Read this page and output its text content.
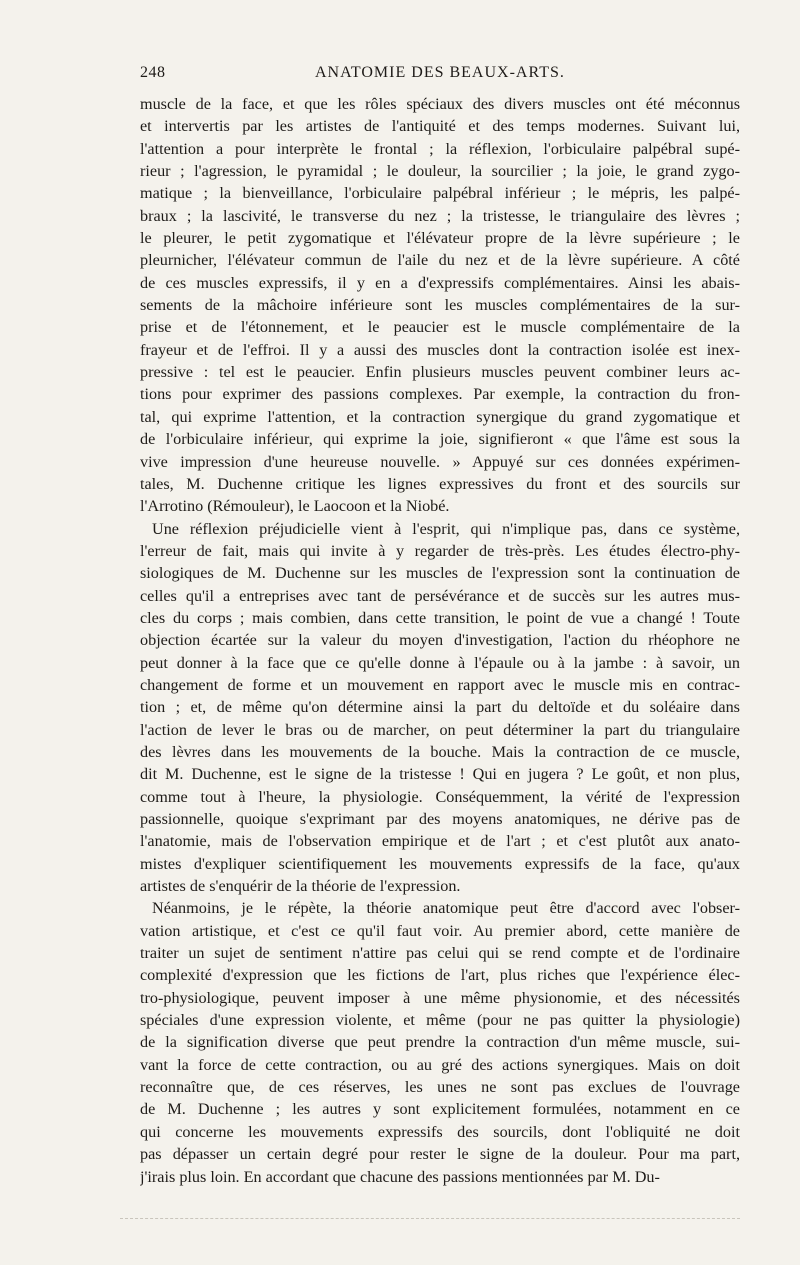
248	ANATOMIE DES BEAUX-ARTS.
muscle de la face, et que les rôles spéciaux des divers muscles ont été méconnus
et intervertis par les artistes de l'antiquité et des temps modernes. Suivant lui,
l'attention a pour interprète le frontal ; la réflexion, l'orbiculaire palpébral supé-
rieur ; l'agression, le pyramidal ; le douleur, la sourcilier ; la joie, le grand zygo-
matique ; la bienveillance, l'orbiculaire palpébral inférieur ; le mépris, les palpé-
braux ; la lascivité, le transverse du nez ; la tristesse, le triangulaire des lèvres ;
le pleurer, le petit zygomatique et l'élévateur propre de la lèvre supérieure ; le
pleurnicher, l'élévateur commun de l'aile du nez et de la lèvre supérieure. A côté
de ces muscles expressifs, il y en a d'expressifs complémentaires. Ainsi les abais-
sements de la mâchoire inférieure sont les muscles complémentaires de la sur-
prise et de l'étonnement, et le peaucier est le muscle complémentaire de la
frayeur et de l'effroi. Il y a aussi des muscles dont la contraction isolée est inex-
pressive : tel est le peaucier. Enfin plusieurs muscles peuvent combiner leurs ac-
tions pour exprimer des passions complexes. Par exemple, la contraction du fron-
tal, qui exprime l'attention, et la contraction synergique du grand zygomatique et
de l'orbiculaire inférieur, qui exprime la joie, signifieront « que l'âme est sous la
vive impression d'une heureuse nouvelle. » Appuyé sur ces données expérimen-
tales, M. Duchenne critique les lignes expressives du front et des sourcils sur
l'Arrotino (Rémouleur), le Laocoon et la Niobé.
Une réflexion préjudicielle vient à l'esprit, qui n'implique pas, dans ce système,
l'erreur de fait, mais qui invite à y regarder de très-près. Les études électro-phy-
siologiques de M. Duchenne sur les muscles de l'expression sont la continuation de
celles qu'il a entreprises avec tant de persévérance et de succès sur les autres mus-
cles du corps ; mais combien, dans cette transition, le point de vue a changé ! Toute
objection écartée sur la valeur du moyen d'investigation, l'action du rhéophore ne
peut donner à la face que ce qu'elle donne à l'épaule ou à la jambe : à savoir, un
changement de forme et un mouvement en rapport avec le muscle mis en contrac-
tion ; et, de même qu'on détermine ainsi la part du deltoïde et du soléaire dans
l'action de lever le bras ou de marcher, on peut déterminer la part du triangulaire
des lèvres dans les mouvements de la bouche. Mais la contraction de ce muscle,
dit M. Duchenne, est le signe de la tristesse ! Qui en jugera ? Le goût, et non plus,
comme tout à l'heure, la physiologie. Conséquemment, la vérité de l'expression
passionnelle, quoique s'exprimant par des moyens anatomiques, ne dérive pas de
l'anatomie, mais de l'observation empirique et de l'art ; et c'est plutôt aux anato-
mistes d'expliquer scientifiquement les mouvements expressifs de la face, qu'aux
artistes de s'enquérir de la théorie de l'expression.
Néanmoins, je le répète, la théorie anatomique peut être d'accord avec l'obser-
vation artistique, et c'est ce qu'il faut voir. Au premier abord, cette manière de
traiter un sujet de sentiment n'attire pas celui qui se rend compte et de l'ordinaire
complexité d'expression que les fictions de l'art, plus riches que l'expérience élec-
tro-physiologique, peuvent imposer à une même physionomie, et des nécessités
spéciales d'une expression violente, et même (pour ne pas quitter la physiologie)
de la signification diverse que peut prendre la contraction d'un même muscle, sui-
vant la force de cette contraction, ou au gré des actions synergiques. Mais on doit
reconnaître que, de ces réserves, les unes ne sont pas exclues de l'ouvrage
de M. Duchenne ; les autres y sont explicitement formulées, notamment en ce
qui concerne les mouvements expressifs des sourcils, dont l'obliquité ne doit
pas dépasser un certain degré pour rester le signe de la douleur. Pour ma part,
j'irais plus loin. En accordant que chacune des passions mentionnées par M. Du-
